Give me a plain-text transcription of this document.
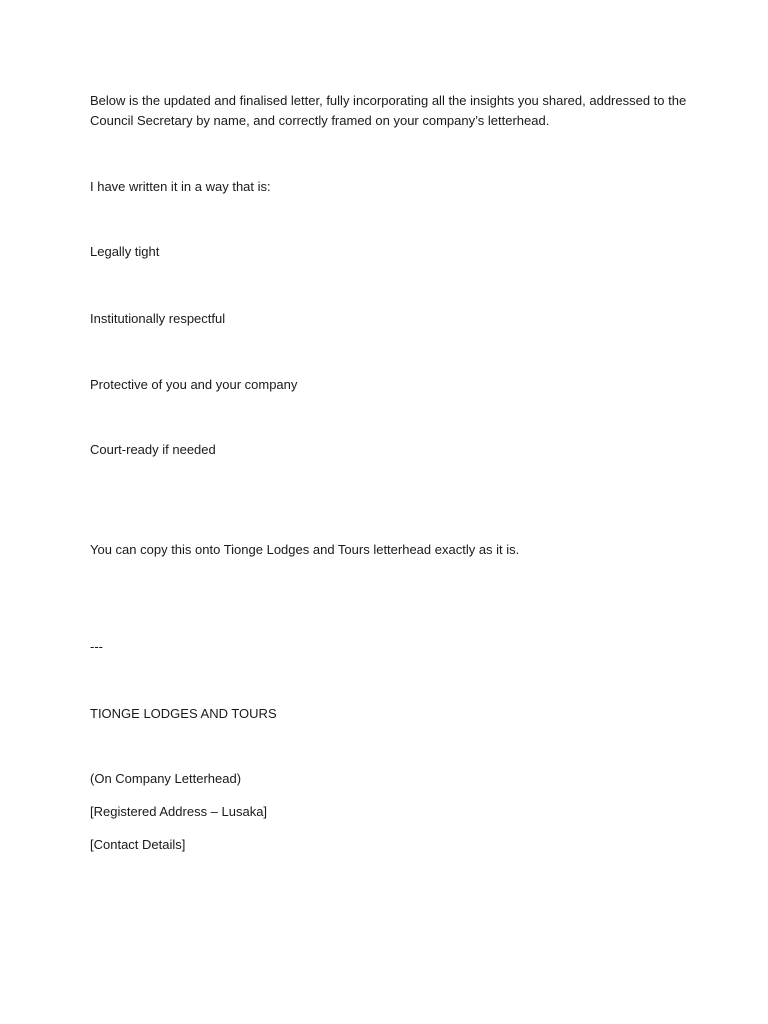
Below is the updated and finalised letter, fully incorporating all the insights you shared, addressed to the Council Secretary by name, and correctly framed on your company’s letterhead.
I have written it in a way that is:
Legally tight
Institutionally respectful
Protective of you and your company
Court-ready if needed
You can copy this onto Tionge Lodges and Tours letterhead exactly as it is.
---
TIONGE LODGES AND TOURS
(On Company Letterhead)
[Registered Address – Lusaka]
[Contact Details]
